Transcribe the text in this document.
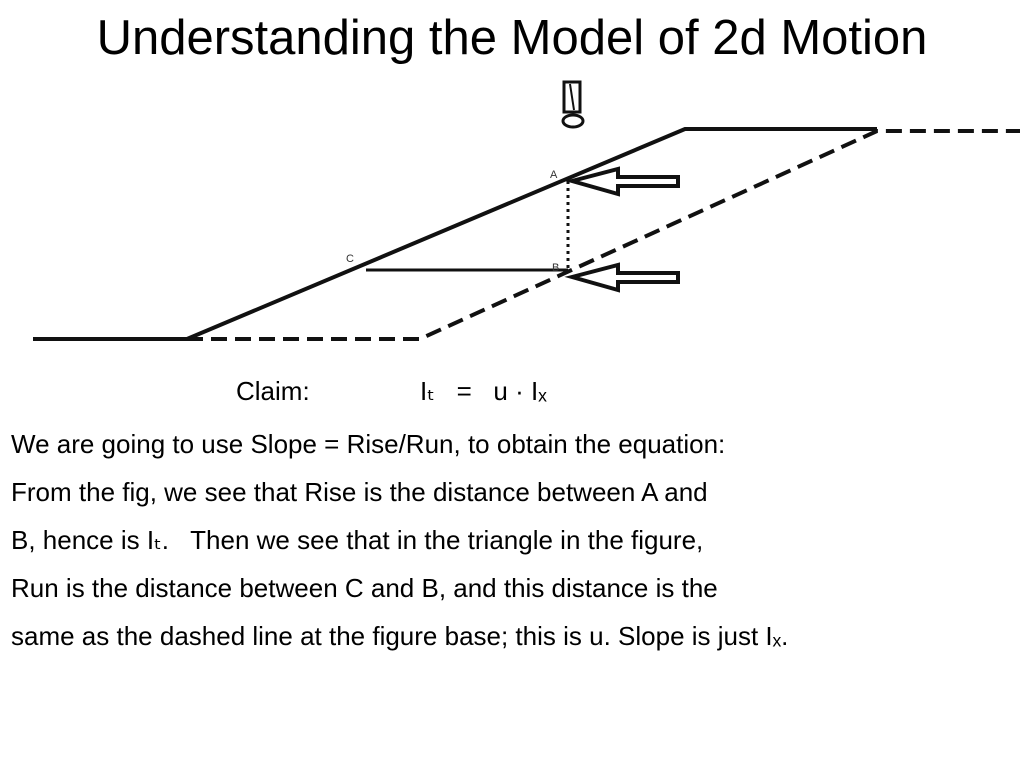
Understanding the Model of 2d Motion
A
B
C
Claim:	Iₜ   =   u · Iₓ
We are going to use Slope = Rise/Run, to obtain the equation:
From the fig, we see that Rise is the distance between A and
B, hence is Iₜ.   Then we see that in the triangle in the figure,
Run is the distance between C and B, and this distance is the
same as the dashed line at the figure base; this is u. Slope is just Iₓ.
